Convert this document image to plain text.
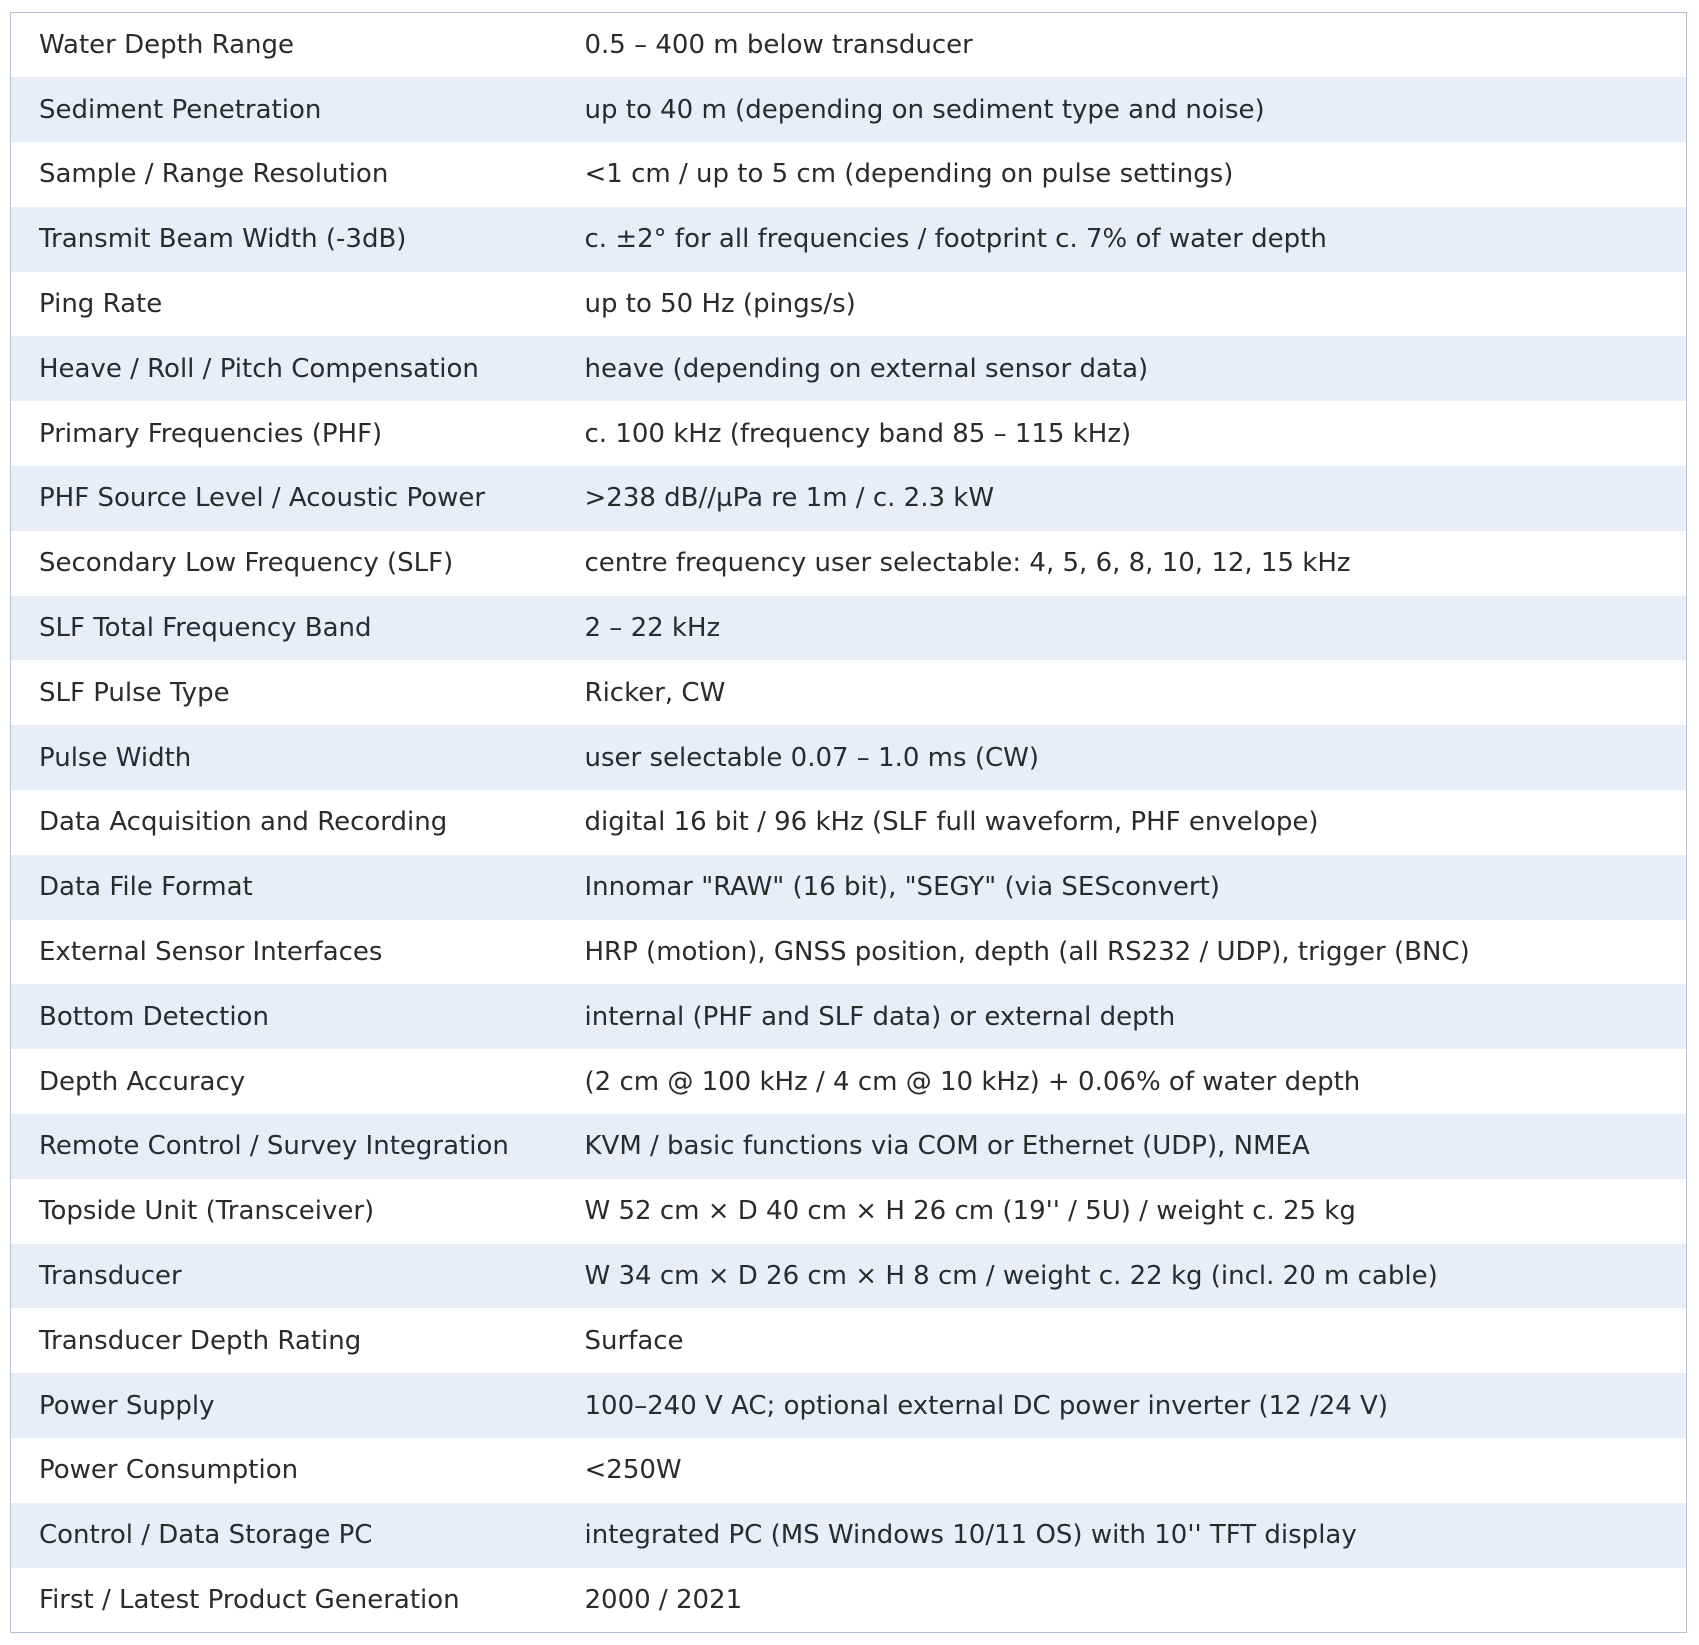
Water Depth Range	0.5 – 400 m below transducer
Sediment Penetration	up to 40 m (depending on sediment type and noise)
Sample / Range Resolution	<1 cm / up to 5 cm (depending on pulse settings)
Transmit Beam Width (-3dB)	c. ±2° for all frequencies / footprint c. 7% of water depth
Ping Rate	up to 50 Hz (pings/s)
Heave / Roll / Pitch Compensation	heave (depending on external sensor data)
Primary Frequencies (PHF)	c. 100 kHz (frequency band 85 – 115 kHz)
PHF Source Level / Acoustic Power	>238 dB//µPa re 1m / c. 2.3 kW
Secondary Low Frequency (SLF)	centre frequency user selectable: 4, 5, 6, 8, 10, 12, 15 kHz
SLF Total Frequency Band	2 – 22 kHz
SLF Pulse Type	Ricker, CW
Pulse Width	user selectable 0.07 – 1.0 ms (CW)
Data Acquisition and Recording	digital 16 bit / 96 kHz (SLF full waveform, PHF envelope)
Data File Format	Innomar "RAW" (16 bit), "SEGY" (via SESconvert)
External Sensor Interfaces	HRP (motion), GNSS position, depth (all RS232 / UDP), trigger (BNC)
Bottom Detection	internal (PHF and SLF data) or external depth
Depth Accuracy	(2 cm @ 100 kHz / 4 cm @ 10 kHz) + 0.06% of water depth
Remote Control / Survey Integration	KVM / basic functions via COM or Ethernet (UDP), NMEA
Topside Unit (Transceiver)	W 52 cm × D 40 cm × H 26 cm (19'' / 5U) / weight c. 25 kg
Transducer	W 34 cm × D 26 cm × H 8 cm / weight c. 22 kg (incl. 20 m cable)
Transducer Depth Rating	Surface
Power Supply	100–240 V AC; optional external DC power inverter (12 /24 V)
Power Consumption	<250W
Control / Data Storage PC	integrated PC (MS Windows 10/11 OS) with 10'' TFT display
First / Latest Product Generation	2000 / 2021
